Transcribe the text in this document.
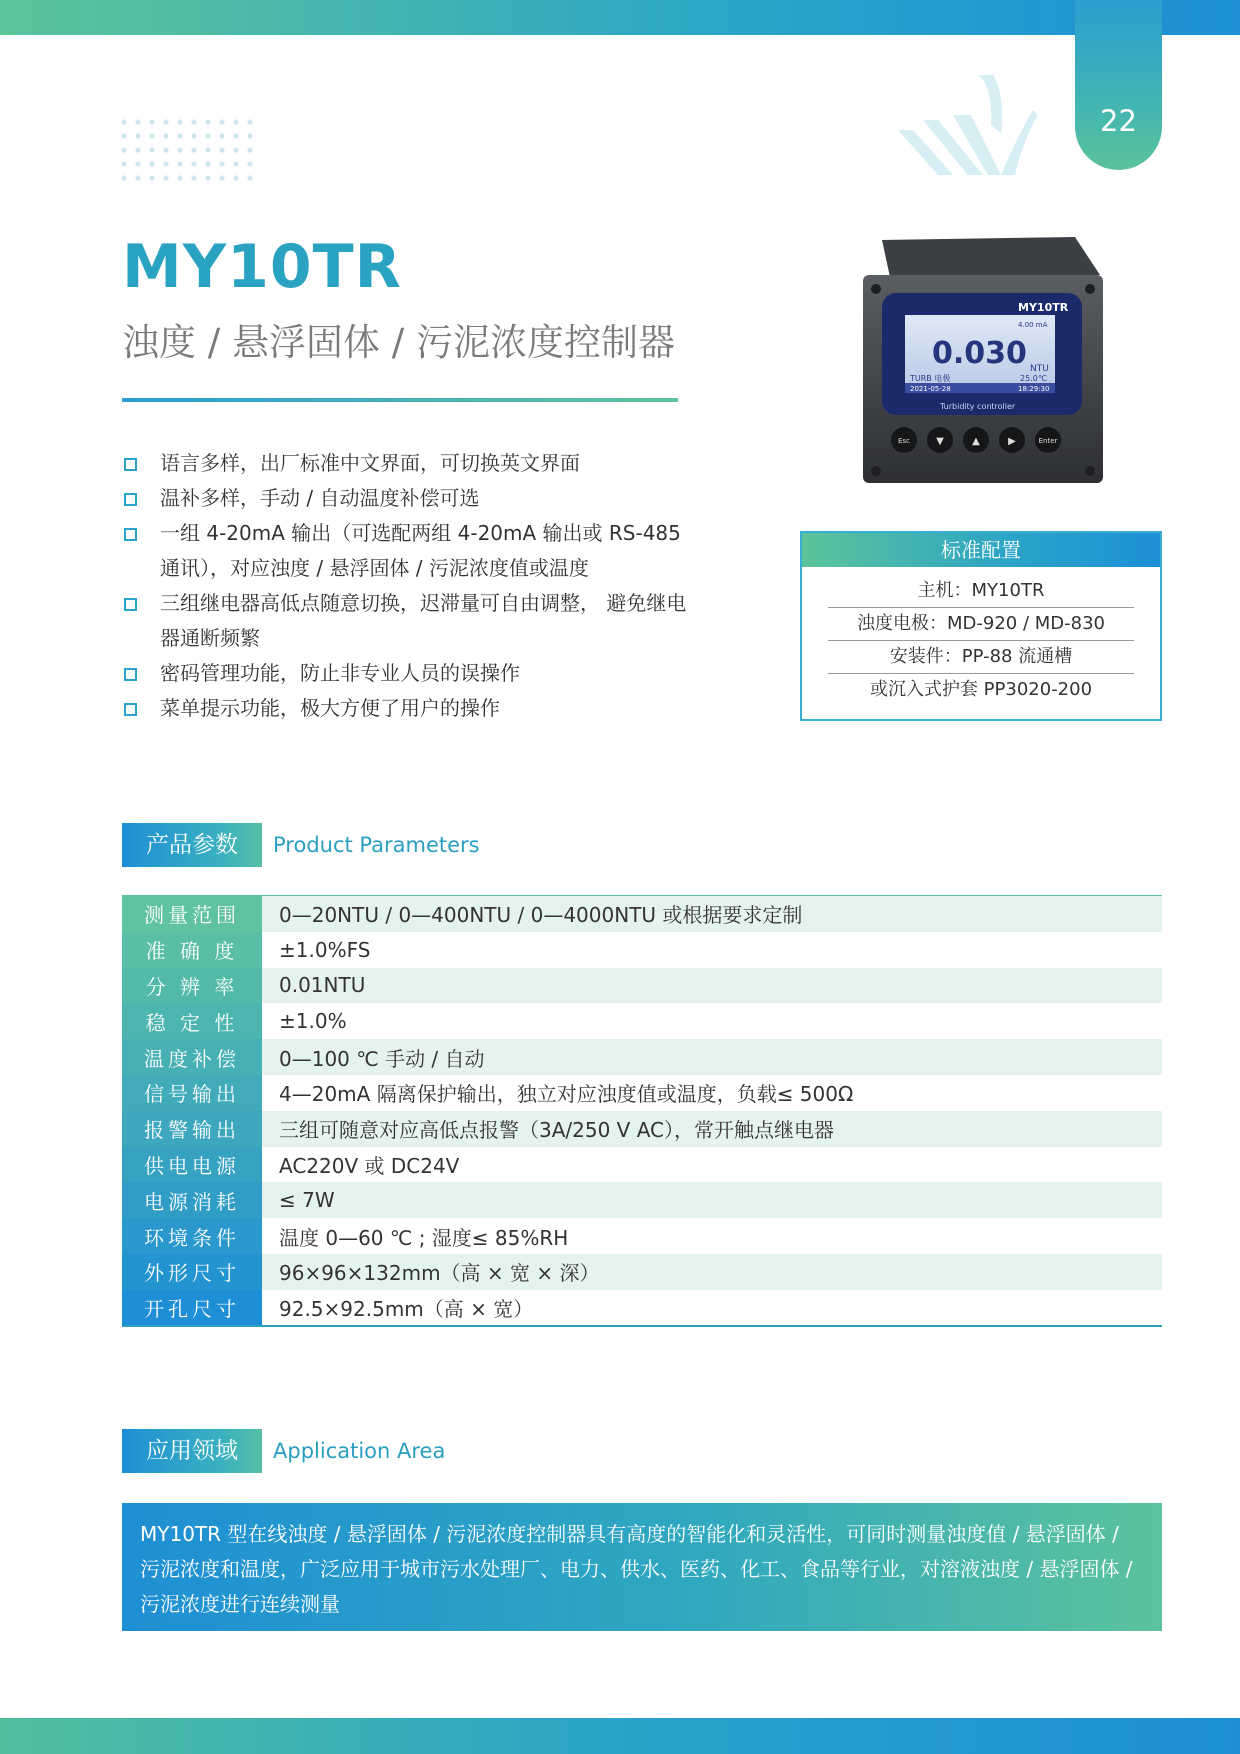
22
MY10TR
浊度 / 悬浮固体 / 污泥浓度控制器
语言多样，出厂标准中文界面，可切换英文界面
温补多样，手动 / 自动温度补偿可选
一组 4-20mA 输出（可选配两组 4-20mA 输出或 RS-485 通讯），对应浊度 / 悬浮固体 / 污泥浓度值或温度
三组继电器高低点随意切换，迟滞量可自由调整， 避免继电器通断频繁
密码管理功能，防止非专业人员的误操作
菜单提示功能，极大方便了用户的操作
MY10TR
4.00 mA
0.030 NTU
TURB 电极	25.0℃
2021-05-28	18:29:30
Turbidity controller
Esc	▼	▲	▶	Enter
标准配置
主机：MY10TR
浊度电极：MD-920 / MD-830
安装件：PP-88 流通槽
或沉入式护套 PP3020-200
产品参数	Product Parameters
测量范围	0—20NTU / 0—400NTU / 0—4000NTU 或根据要求定制
准 确 度	±1.0%FS
分 辨 率	0.01NTU
稳 定 性	±1.0%
温度补偿	0—100 ℃ 手动 / 自动
信号输出	4—20mA 隔离保护输出，独立对应浊度值或温度，负载≤ 500Ω
报警输出	三组可随意对应高低点报警（3A/250 V AC），常开触点继电器
供电电源	AC220V 或 DC24V
电源消耗	≤ 7W
环境条件	温度 0—60 ℃ ; 湿度≤ 85%RH
外形尺寸	96×96×132mm（高 × 宽 × 深）
开孔尺寸	92.5×92.5mm（高 × 宽）
应用领域	Application Area
MY10TR 型在线浊度 / 悬浮固体 / 污泥浓度控制器具有高度的智能化和灵活性，可同时测量浊度值 / 悬浮固体 / 污泥浓度和温度，广泛应用于城市污水处理厂、电力、供水、医药、化工、食品等行业，对溶液浊度 / 悬浮固体 / 污泥浓度进行连续测量
